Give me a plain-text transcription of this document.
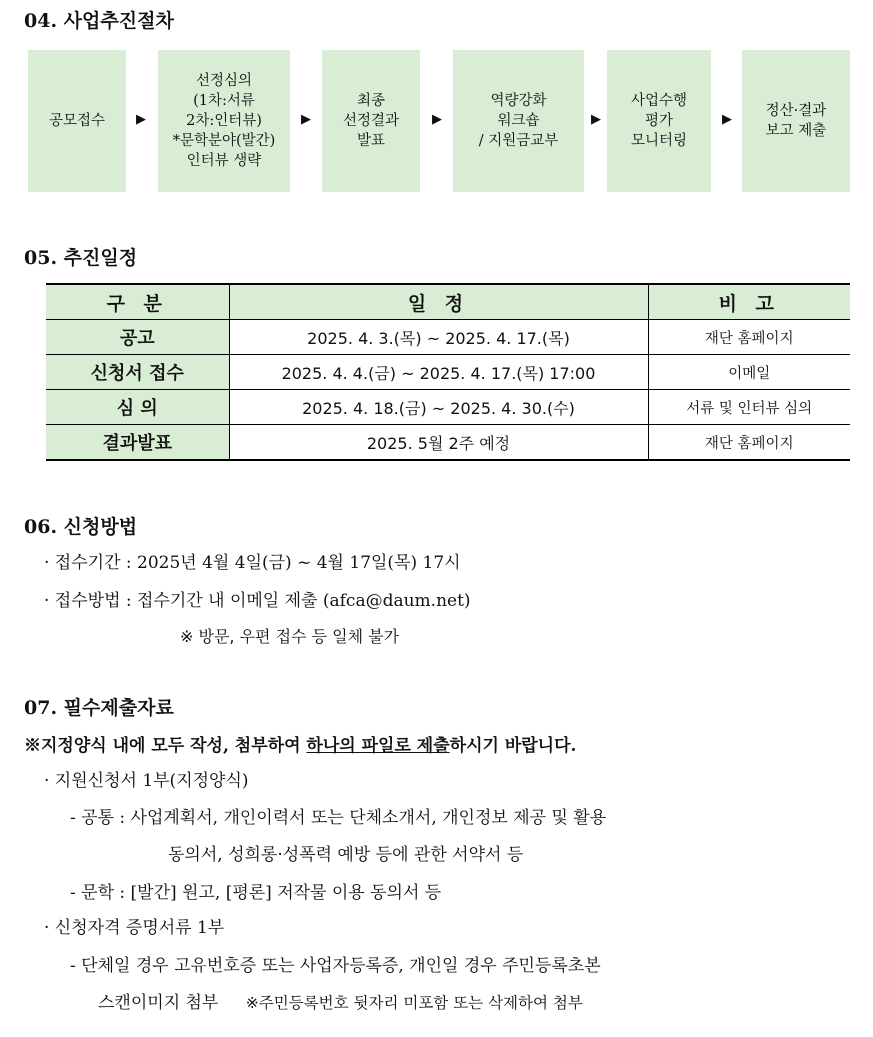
04. 사업추진절차
공모접수 ▶
선정심의
(1차:서류
2차:인터뷰)
*문학분야(발간)
인터뷰 생략
▶
최종
선정결과
발표
▶
역량강화
워크숍
/ 지원금교부
▶
사업수행
평가
모니터링
▶
정산·결과
보고 제출
05. 추진일정
구 분	일 정	비 고
공고	2025. 4. 3.(목) ~ 2025. 4. 17.(목)	재단 홈페이지
신청서 접수	2025. 4. 4.(금) ~ 2025. 4. 17.(목) 17:00	이메일
심 의	2025. 4. 18.(금) ~ 2025. 4. 30.(수)	서류 및 인터뷰 심의
결과발표	2025. 5월 2주 예정	재단 홈페이지
06. 신청방법
· 접수기간 : 2025년 4월 4일(금) ~ 4월 17일(목) 17시
· 접수방법 : 접수기간 내 이메일 제출 (afca@daum.net)
※ 방문, 우편 접수 등 일체 불가
07. 필수제출자료
※지정양식 내에 모두 작성, 첨부하여 하나의 파일로 제출하시기 바랍니다.
· 지원신청서 1부(지정양식)
- 공통 : 사업계획서, 개인이력서 또는 단체소개서, 개인정보 제공 및 활용
동의서, 성희롱·성폭력 예방 등에 관한 서약서 등
- 문학 : [발간] 원고, [평론] 저작물 이용 동의서 등
· 신청자격 증명서류 1부
- 단체일 경우 고유번호증 또는 사업자등록증, 개인일 경우 주민등록초본
스캔이미지 첨부 ※주민등록번호 뒷자리 미포함 또는 삭제하여 첨부
